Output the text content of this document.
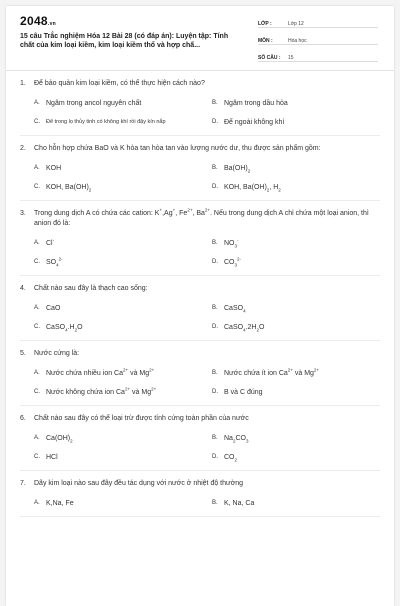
2048.vn
15 câu Trắc nghiệm Hóa 12 Bài 28 (có đáp án): Luyện tập: Tính chất của kim loại kiềm, kim loại kiềm thổ và hợp chấ...
LỚP :	Lớp 12
MÔN :	Hóa học
SỐ CÂU :	15
1.	Để bảo quản kim loại kiềm, có thể thực hiện cách nào?
A. Ngâm trong ancol nguyên chất	B. Ngâm trong dầu hỏa
C.	Để trong lọ thủy tinh có không khí rồi đậy kín nắp	D. Để ngoài không khí
2.	Cho hỗn hợp chứa BaO và K hòa tan hòa tan vào lượng nước dư, thu được sản phẩm gồm:
A. KOH	B. $Ba(OH)_2$
C. KOH, $Ba(OH)_2$	D. KOH, $Ba(OH)_2$, $H_2$
3.	Trong dung dịch A có chứa các cation: K+,Ag+, $Fe^{2+}$, $Ba^{2+}$. Nếu trong dung dịch A chỉ chứa một loại anion, thì anion đó là:
A. Cl-	B. $NO_3^-$
C. $SO_4^{2-}$	D. $CO_3^{2-}$
4.	Chất nào sau đây là thạch cao sống:
A. CaO	B. CaSO$_4$
C. $CaSO_4.H_2O$	D. $CaSO_4.2H_2O$
5.	Nước cứng là:
A. Nước chứa nhiều ion $Ca^{2+}$ và $Mg^{2+}$	B. Nước chứa ít ion $Ca^{2+}$ và $Mg^{2+}$
C. Nước không chứa ion $Ca^{2+}$ và $Mg^{2+}$	D. B và C đúng
6.	Chất nào sau đây có thể loại trừ được tính cứng toàn phần của nước
A. $Ca(OH)_2$	B. $Na_2CO_3$
C. HCl	D. $CO_2$
7.	Dãy kim loại nào sau đây đều tác dụng với nước ở nhiệt độ thường
A. K,Na, Fe	B. K, Na, Ca
